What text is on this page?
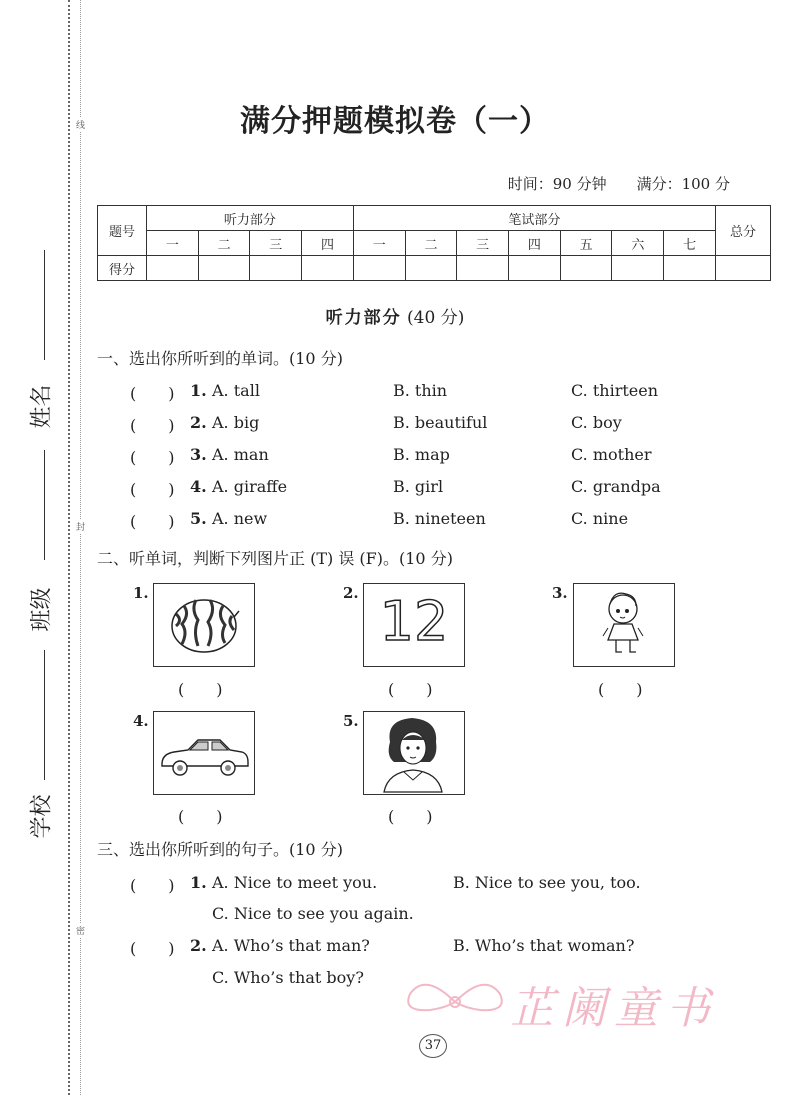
线
封
密
姓名
班级
学校
满分押题模拟卷（一）
时间：90 分钟　　满分：100 分
题号	听力部分				笔试部分							总分
	一	二	三	四	一	二	三	四	五	六	七	
得分												
听力部分 (40 分)
一、选出你所听到的单词。(10 分)
(　　) 1. A. tall	B. thin	C. thirteen
(　　) 2. A. big	B. beautiful	C. boy
(　　) 3. A. man	B. map	C. mother
(　　) 4. A. giraffe	B. girl	C. grandpa
(　　) 5. A. new	B. nineteen	C. nine
二、听单词，判断下列图片正 (T) 误 (F)。(10 分)
1.
(　　)
2. 12
(　　)
3.
(　　)
4.
(　　)
5.
(　　)
三、选出你所听到的句子。(10 分)
(　　) 1. A. Nice to meet you.	B. Nice to see you, too.
C. Nice to see you again.
(　　) 2. A. Who’s that man?	B. Who’s that woman?
C. Who’s that boy?
芷阑童书
37
